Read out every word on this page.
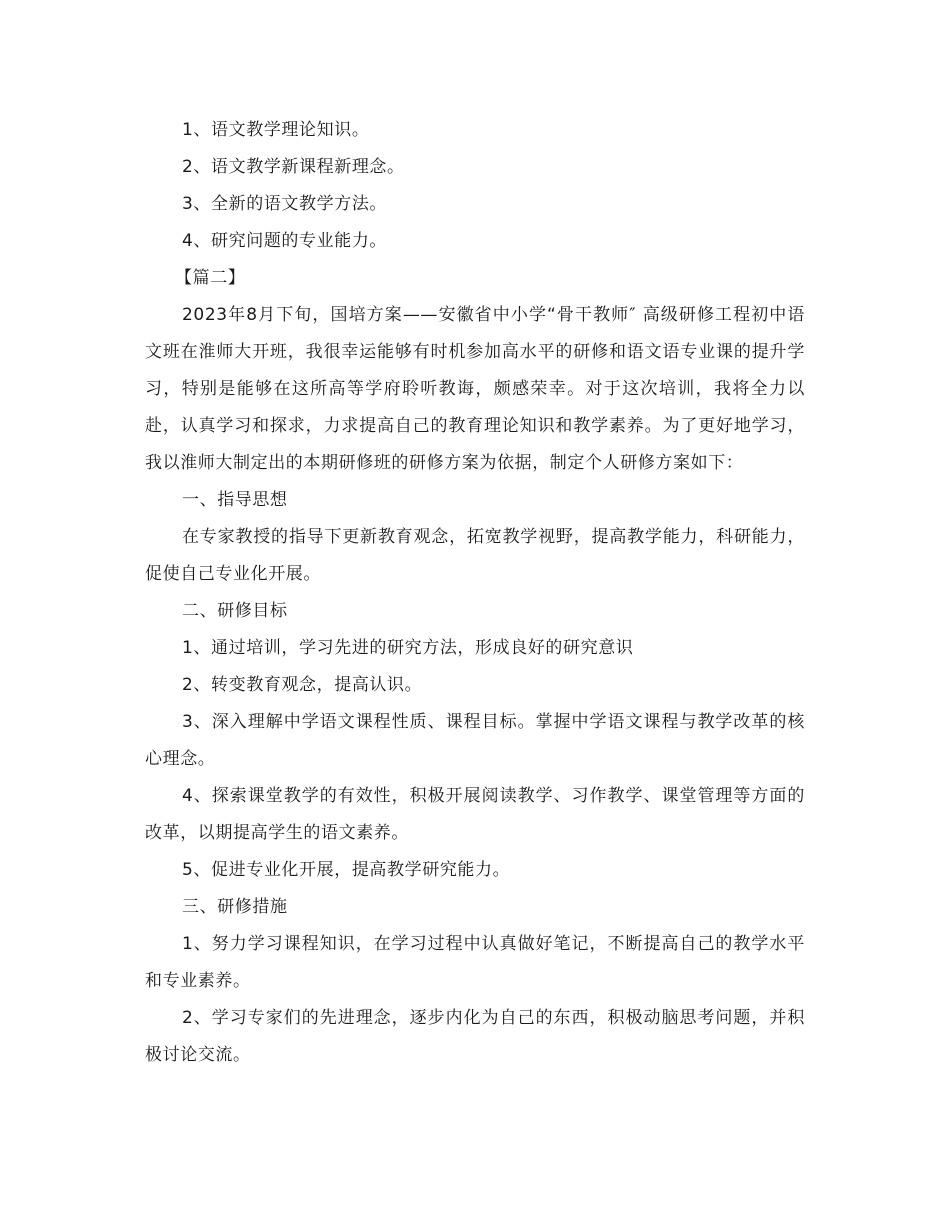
1、语文教学理论知识。

2、语文教学新课程新理念。

3、全新的语文教学方法。

4、研究问题的专业能力。

【篇二】

2023年8月下旬，国培方案——安徽省中小学“骨干教师″ 高级研修工程初中语文班在淮师大开班，我很幸运能够有时机参加高水平的研修和语文语专业课的提升学习，特别是能够在这所高等学府聆听教诲，颇感荣幸。对于这次培训，我将全力以赴，认真学习和探求，力求提高自己的教育理论知识和教学素养。为了更好地学习，我以淮师大制定出的本期研修班的研修方案为依据，制定个人研修方案如下：

一、指导思想

在专家教授的指导下更新教育观念，拓宽教学视野，提高教学能力，科研能力，促使自己专业化开展。

二、研修目标

1、通过培训，学习先进的研究方法，形成良好的研究意识

2、转变教育观念，提高认识。

3、深入理解中学语文课程性质、课程目标。掌握中学语文课程与教学改革的核心理念。

4、探索课堂教学的有效性，积极开展阅读教学、习作教学、课堂管理等方面的改革，以期提高学生的语文素养。

5、促进专业化开展，提高教学研究能力。

三、研修措施

1、努力学习课程知识，在学习过程中认真做好笔记，不断提高自己的教学水平和专业素养。

2、学习专家们的先进理念，逐步内化为自己的东西，积极动脑思考问题，并积极讨论交流。
